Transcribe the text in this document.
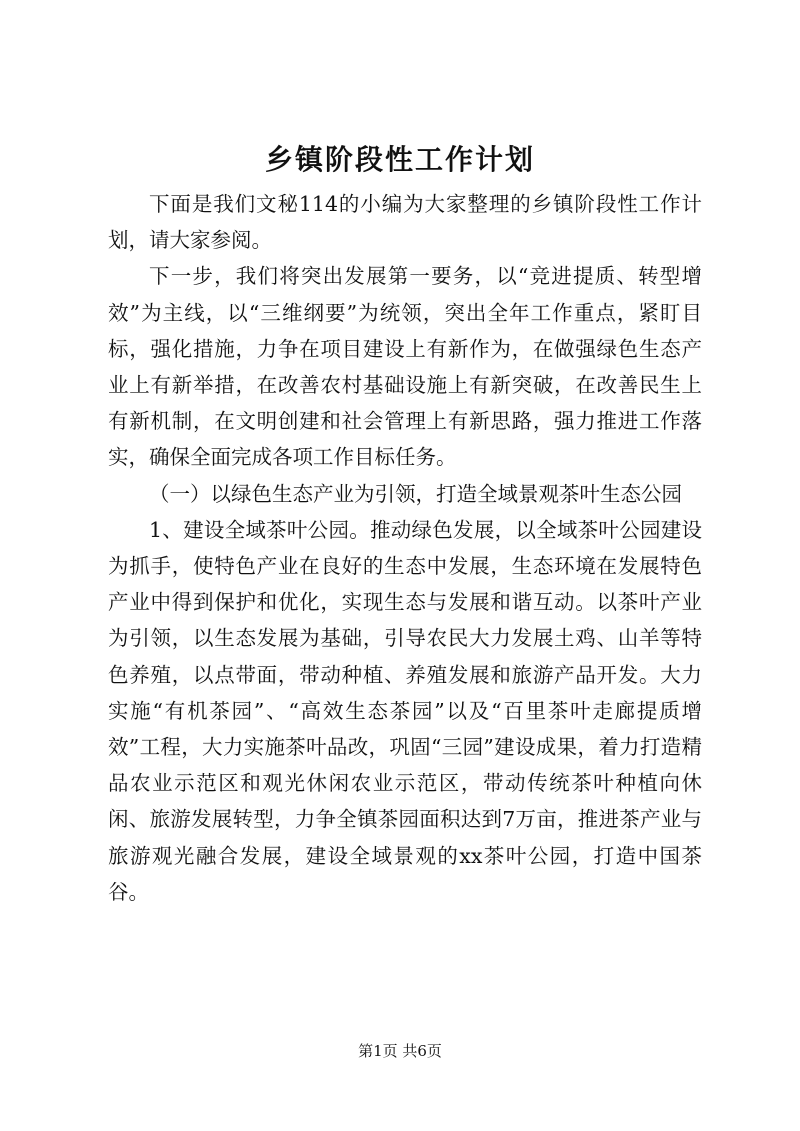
乡镇阶段性工作计划

下面是我们文秘114的小编为大家整理的乡镇阶段性工作计划，请大家参阅。

下一步，我们将突出发展第一要务，以“竞进提质、转型增效”为主线，以“三维纲要”为统领，突出全年工作重点，紧盯目标，强化措施，力争在项目建设上有新作为，在做强绿色生态产业上有新举措，在改善农村基础设施上有新突破，在改善民生上有新机制，在文明创建和社会管理上有新思路，强力推进工作落实，确保全面完成各项工作目标任务。

（一）以绿色生态产业为引领，打造全域景观茶叶生态公园

1、建设全域茶叶公园。推动绿色发展，以全域茶叶公园建设为抓手，使特色产业在良好的生态中发展，生态环境在发展特色产业中得到保护和优化，实现生态与发展和谐互动。以茶叶产业为引领，以生态发展为基础，引导农民大力发展土鸡、山羊等特色养殖，以点带面，带动种植、养殖发展和旅游产品开发。大力实施“有机茶园”、“高效生态茶园”以及“百里茶叶走廊提质增效”工程，大力实施茶叶品改，巩固“三园”建设成果，着力打造精品农业示范区和观光休闲农业示范区，带动传统茶叶种植向休闲、旅游发展转型，力争全镇茶园面积达到7万亩，推进茶产业与旅游观光融合发展，建设全域景观的xx茶叶公园，打造中国茶谷。

第1页 共6页
